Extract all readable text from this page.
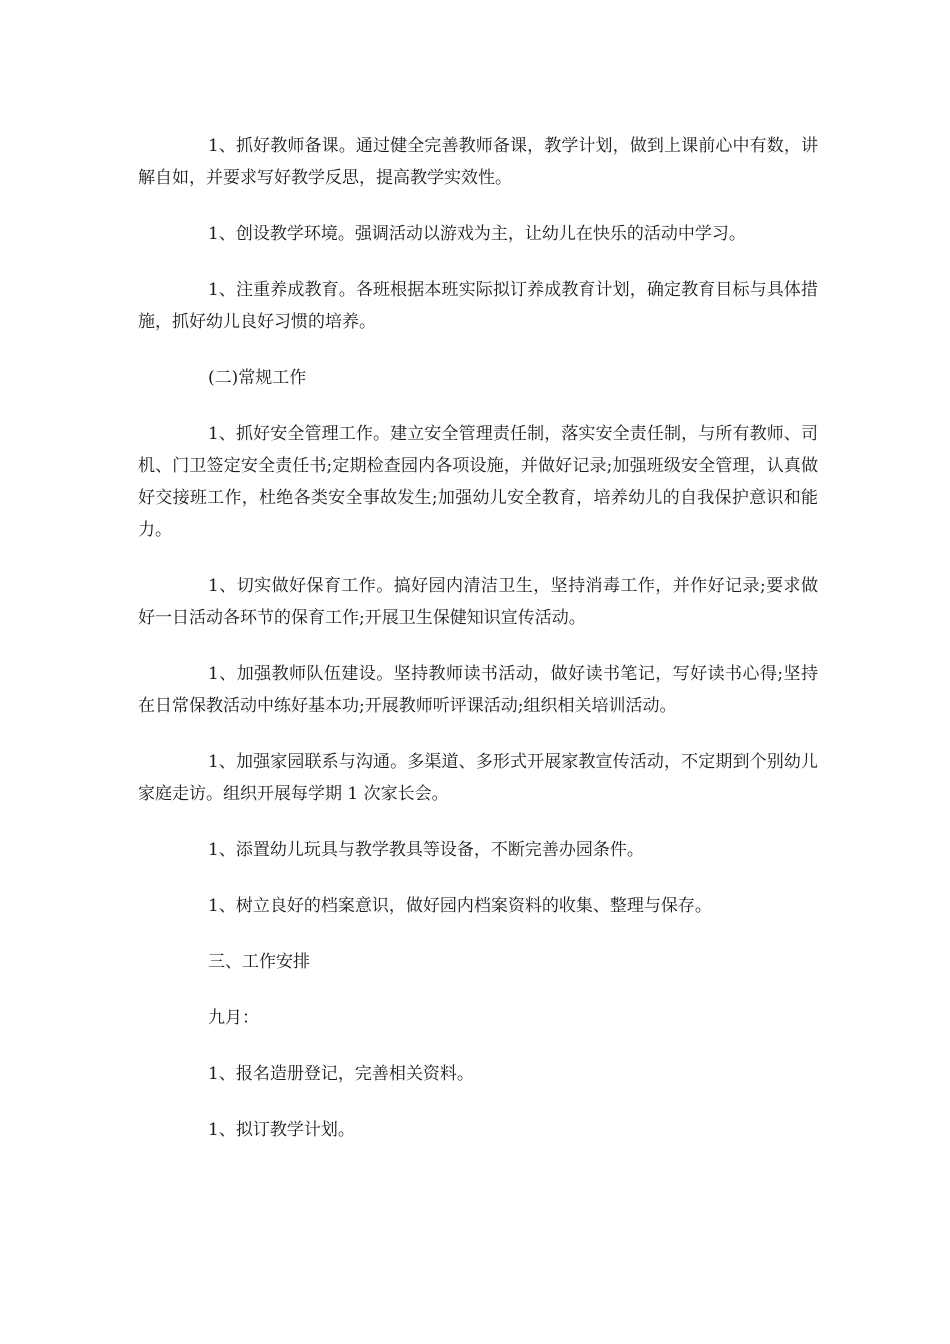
1、抓好教师备课。通过健全完善教师备课，教学计划，做到上课前心中有数，讲解自如，并要求写好教学反思，提高教学实效性。

1、创设教学环境。强调活动以游戏为主，让幼儿在快乐的活动中学习。

1、注重养成教育。各班根据本班实际拟订养成教育计划，确定教育目标与具体措施，抓好幼儿良好习惯的培养。

(二)常规工作

1、抓好安全管理工作。建立安全管理责任制，落实安全责任制，与所有教师、司机、门卫签定安全责任书;定期检查园内各项设施，并做好记录;加强班级安全管理，认真做好交接班工作，杜绝各类安全事故发生;加强幼儿安全教育，培养幼儿的自我保护意识和能力。

1、切实做好保育工作。搞好园内清洁卫生，坚持消毒工作，并作好记录;要求做好一日活动各环节的保育工作;开展卫生保健知识宣传活动。

1、加强教师队伍建设。坚持教师读书活动，做好读书笔记，写好读书心得;坚持在日常保教活动中练好基本功;开展教师听评课活动;组织相关培训活动。

1、加强家园联系与沟通。多渠道、多形式开展家教宣传活动，不定期到个别幼儿家庭走访。组织开展每学期 1 次家长会。

1、添置幼儿玩具与教学教具等设备，不断完善办园条件。

1、树立良好的档案意识，做好园内档案资料的收集、整理与保存。

三、工作安排

九月：

1、报名造册登记，完善相关资料。

1、拟订教学计划。
